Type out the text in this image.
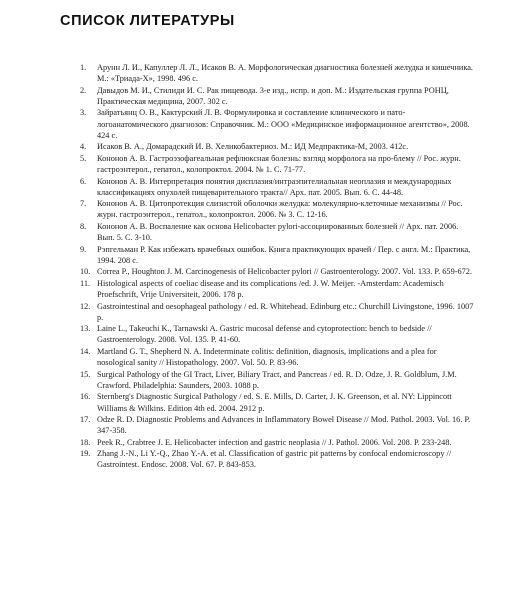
СПИСОК ЛИТЕРАТУРЫ
1.	Арунн Л. И., Капуллер Л. Л., Исаков В. А. Морфологическая диагностика болезней желудка и кишечника. М.: «Триада-Х», 1998. 496 с.
2.	Давыдов М. И., Стилиди И. С. Рак пищевода. 3-е изд., испр. и доп. М.: Издательская группа РОНЦ, Практическая медицина, 2007. 302 с.
3.	Зайратьянц О. В., Кактурский Л. В. Формулировка и составление клинического и пато-логоанатомического диагнозов: Справочник. М.: ООО «Медицинское информационное агентство», 2008. 424 с.
4.	Исаков В. А., Домарадский И. В. Хеликобактериоз. М.: ИД Медпрактика-М, 2003. 412с.
5.	Кононов А. В. Гастроэзофагеальная рефлюксная болезнь: взгляд морфолога на про-блему // Рос. журн. гастроэнтерол., гепатол., колопроктол. 2004. № 1. С. 71-77.
6.	Кононов А. В. Интерпретация понятия дисплазия/интраэпителиальная неоплазия и международных классификациях опухолей пищеварительного тракта// Арх. пат. 2005. Вып. 6. С. 44-48.
7.	Кононов А. В. Цитопротекция слизистой оболочки желудка: молекулярно-клеточные механизмы // Рос. журн. гастроэнтерол., гепатол., колопроктол. 2006. № 3. С. 12-16.
8.	Кононов А. В. Воспаление как основа Helicobacter pylori-ассоциированных болезней // Арх. пат. 2006. Вып. 5. С. 3-10.
9.	Рэпгельман Р. Как избежать врачебных ошибок. Книга практикующих врачей / Пер. с англ. М.: Практика, 1994. 208 с.
10. Correa P., Houghton J. M. Carcinogenesis of Helicobacter pylori // Gastroenterology. 2007. Vol. 133. P. 659-672.
11. Histological aspects of coeliac disease and its complications /ed. J. W. Meijer. -Amsterdam: Academisch Proefschrift, Vrije Universiteit, 2006. 178 p.
12. Gastrointestinal and oesophageal pathology / ed. R. Whitehead. Edinburg etc.: Churchill Livingstone, 1996. 1007 p.
13. Laine L., Takeuchi K., Tarnawski A. Gastric mucosal defense and cytoprotection: bench to bedside // Gastroenterology. 2008. Vol. 135. P. 41-60.
14. Martland G. T., Shepherd N. A. Indeterminate colitis: definition, diagnosis, implications and a plea for nosological sanity // Histopathology. 2007. Vol. 50. P. 83-96.
15. Surgical Pathology of the GI Tract, Liver, Biliary Tract, and Pancreas / ed. R. D. Odze, J. R. Goldblum, J.M. Crawford. Philadelphia: Saunders, 2003. 1088 p.
16. Sternberg's Diagnostic Surgical Pathology / ed. S. E. Mills, D. Carter, J. K. Greenson, et al. NY: Lippincott Williams & Wilkins. Edition 4th ed. 2004. 2912 p.
17. Odze R. D. Diagnostic Problems and Advances in Inflammatory Bowel Disease // Mod. Pathol. 2003. Vol. 16. P. 347-358.
18. Peek R., Crabtree J. E. Helicobacter infection and gastric neoplasia // J. Pathol. 2006. Vol. 208. P. 233-248.
19. Zhang J.-N., Li Y.-Q., Zhao Y.-A. et al. Classification of gastric pit patterns by confocal endomicroscopy // Gastrointest. Endosc. 2008. Vol. 67. P. 843-853.
